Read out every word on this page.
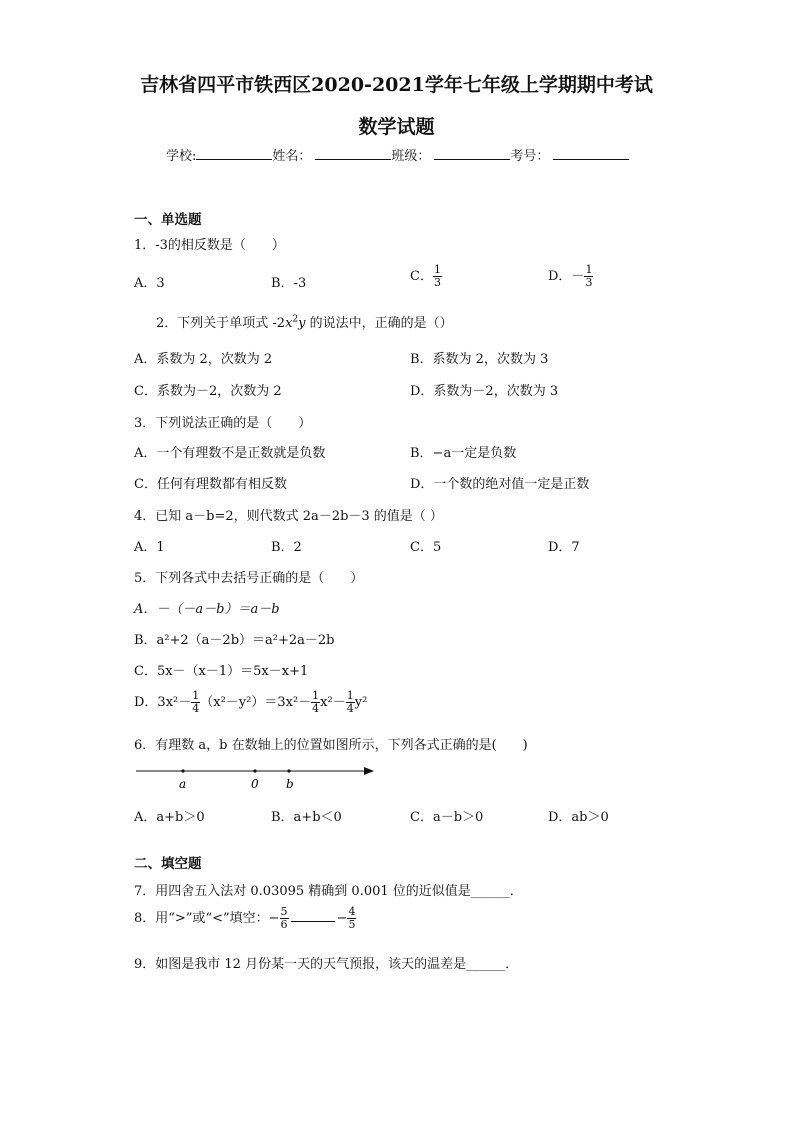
吉林省四平市铁西区2020-2021学年七年级上学期期中考试
数学试题
学校:	姓名：	班级：	考号：
一、单选题
1．-3的相反数是（　　）
A．3	B．-3	C． $\frac{1}{3}$	D．－ $\frac{1}{3}$
2．下列关于单项式 $-2x^2y$ 的说法中，正确的是（）
A．系数为 2，次数为 2	B．系数为 2，次数为 3
C．系数为－2，次数为 2	D．系数为－2，次数为 3
3．下列说法正确的是（　　）
A．一个有理数不是正数就是负数	B．−a一定是负数
C．任何有理数都有相反数	D．一个数的绝对值一定是正数
4．已知 a－b=2，则代数式 2a－2b－3 的值是（ ）
A．1	B．2	C．5	D．7
5．下列各式中去括号正确的是（　　）
A．－（－a－b）＝a－b
B．a²+2（a－2b）＝a²+2a－2b
C．5x－（x－1）＝5x－x+1
D．$3x^2- \frac{1}{4} (x^2-y^2)=3x^2- \frac{1}{4} x^2- \frac{1}{4} y^2$
6．有理数 a，b 在数轴上的位置如图所示，下列各式正确的是(　　)
a	0 b
A．a+b＞0	B．a+b＜0	C．a－b＞0	D．ab＞0
二、填空题
7．用四舍五入法对 0.03095 精确到 0.001 位的近似值是______．
8．用“>”或“<”填空：− $\frac{5}{6}$	− $\frac{4}{5}$
9．如图是我市 12 月份某一天的天气预报，该天的温差是______．
